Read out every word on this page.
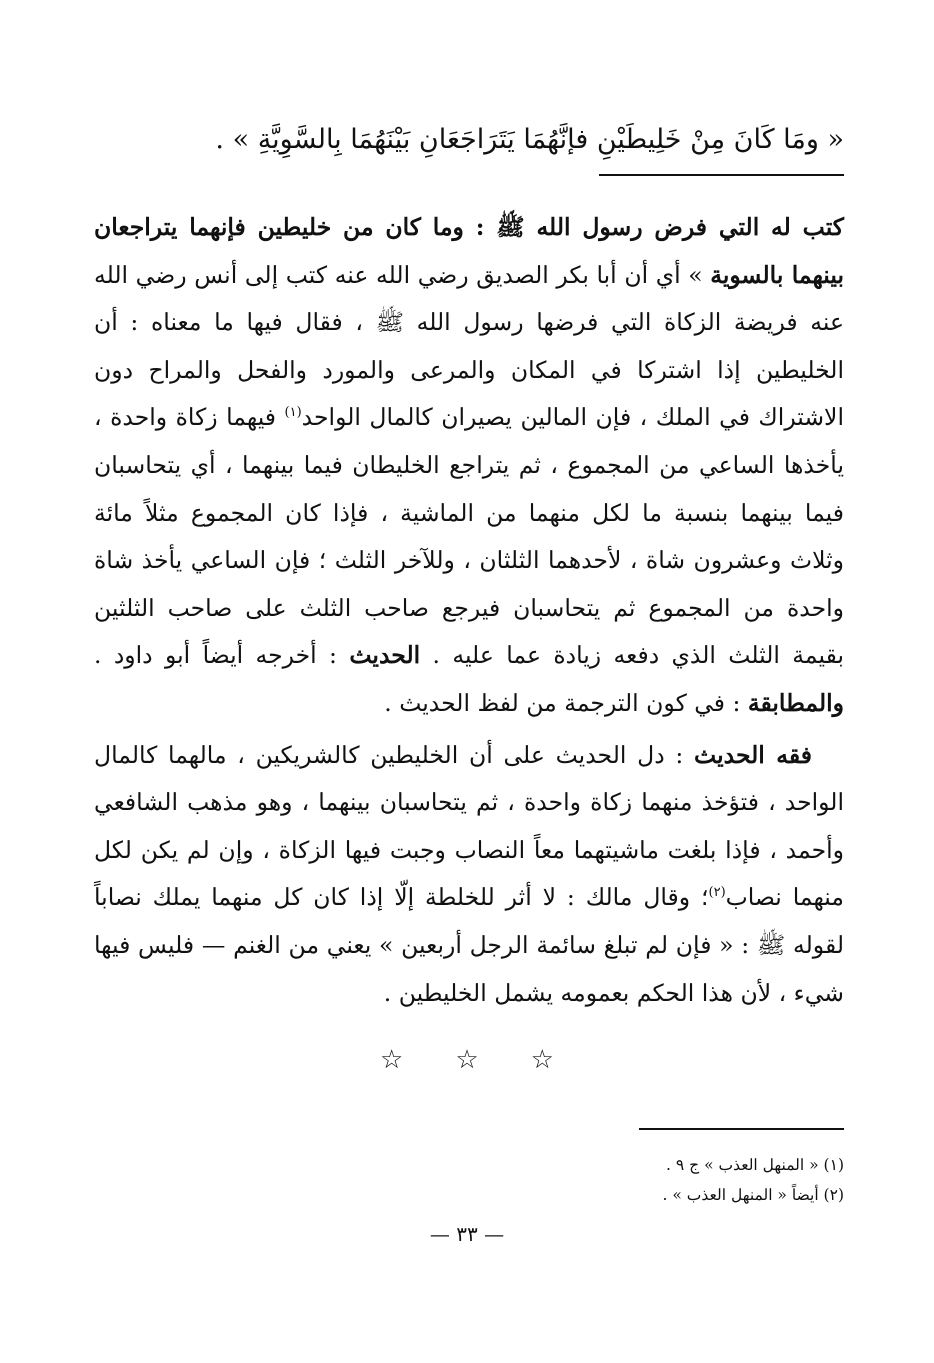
« ومَا كَانَ مِنْ خَلِيطَيْنِ فإنَّهُمَا يَتَرَاجَعَانِ بَيْنَهُمَا بِالسَّوِيَّةِ » .

كتب له التي فرض رسول الله ﷺ : وما كان من خليطين فإنهما يتراجعان بينهما بالسوية » أي أن أبا بكر الصديق رضي الله عنه كتب إلى أنس رضي الله عنه فريضة الزكاة التي فرضها رسول الله ﷺ ، فقال فيها ما معناه : أن الخليطين إذا اشتركا في المكان والمرعى والمورد والفحل والمراح دون الاشتراك في الملك ، فإن المالين يصيران كالمال الواحد$^{(١)}$ فيهما زكاة واحدة ، يأخذها الساعي من المجموع ، ثم يتراجع الخليطان فيما بينهما ، أي يتحاسبان فيما بينهما بنسبة ما لكل منهما من الماشية ، فإذا كان المجموع مثلاً مائة وثلاث وعشرون شاة ، لأحدهما الثلثان ، وللآخر الثلث ؛ فإن الساعي يأخذ شاة واحدة من المجموع ثم يتحاسبان فيرجع صاحب الثلث على صاحب الثلثين بقيمة الثلث الذي دفعه زيادة عما عليه . الحديث : أخرجه أيضاً أبو داود . والمطابقة : في كون الترجمة من لفظ الحديث .

فقه الحديث : دل الحديث على أن الخليطين كالشريكين ، مالهما كالمال الواحد ، فتؤخذ منهما زكاة واحدة ، ثم يتحاسبان بينهما ، وهو مذهب الشافعي وأحمد ، فإذا بلغت ماشيتهما معاً النصاب وجبت فيها الزكاة ، وإن لم يكن لكل منهما نصاب$^{(٢)}$؛ وقال مالك : لا أثر للخلطة إلّا إذا كان كل منهما يملك نصاباً لقوله ﷺ : « فإن لم تبلغ سائمة الرجل أربعين » يعني من الغنم — فليس فيها شيء ، لأن هذا الحكم بعمومه يشمل الخليطين .

☆ ☆ ☆
(١) « المنهل العذب » ج ٩ .
(٢) أيضاً « المنهل العذب » .
— ٣٣ —
